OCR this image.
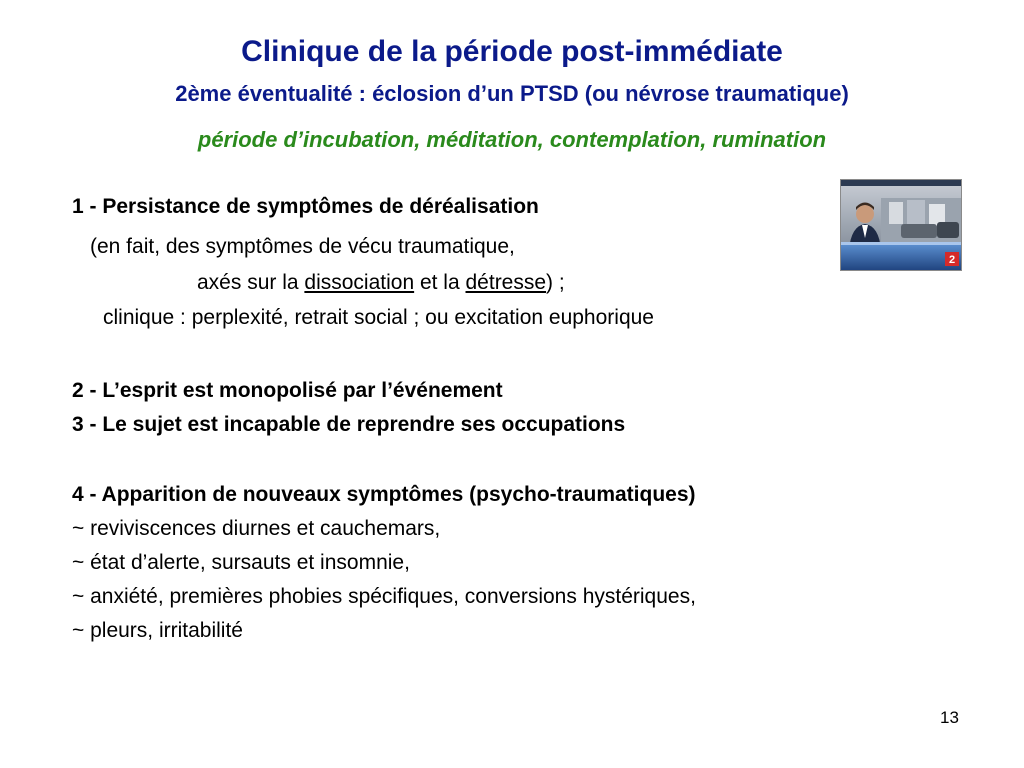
Clinique de la période post-immédiate
2ème éventualité : éclosion d’un PTSD (ou névrose traumatique)
période d’incubation, méditation, contemplation, rumination
1 - Persistance de symptômes de déréalisation
(en fait, des symptômes de vécu traumatique,
axés sur la dissociation et la détresse) ;
clinique : perplexité, retrait social ; ou excitation euphorique
2 - L’esprit est monopolisé par l’événement
3 - Le sujet est incapable de reprendre ses occupations
4 - Apparition de nouveaux symptômes (psycho-traumatiques)
~ reviviscences diurnes et cauchemars,
~ état d’alerte, sursauts et insomnie,
~ anxiété, premières phobies spécifiques, conversions hystériques,
~ pleurs, irritabilité
2
13
